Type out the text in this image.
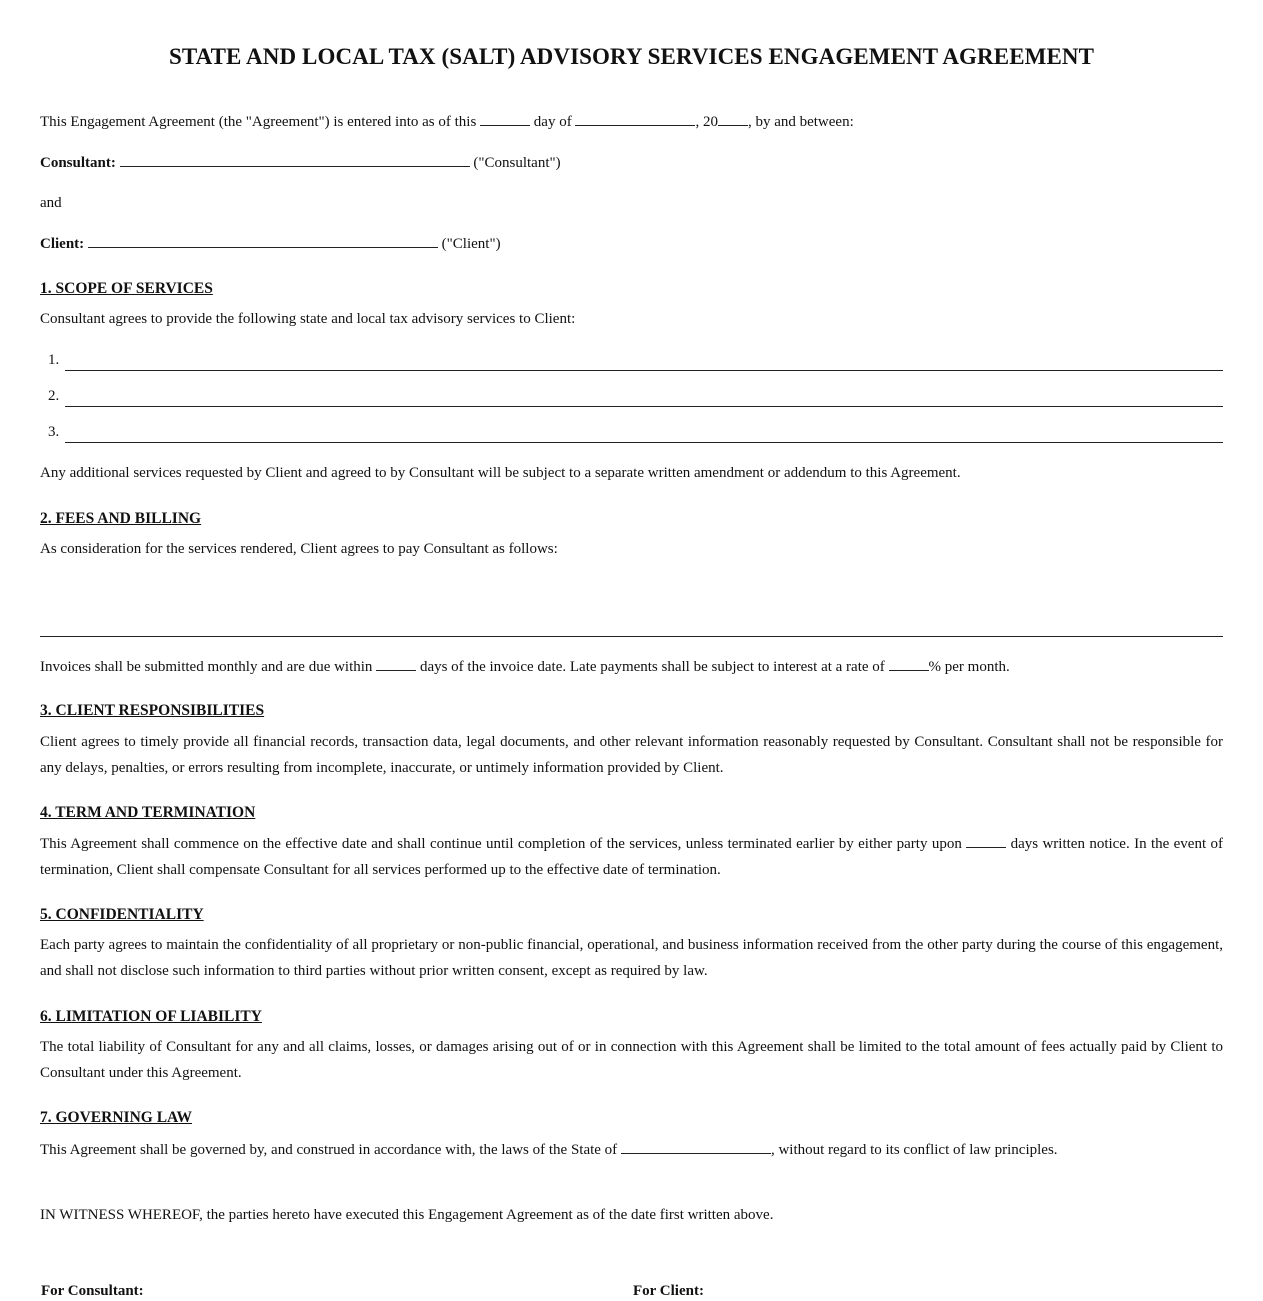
STATE AND LOCAL TAX (SALT) ADVISORY SERVICES ENGAGEMENT AGREEMENT
This Engagement Agreement (the "Agreement") is entered into as of this	day of	, 20 , by and between:
Consultant:	("Consultant")
and
Client:	("Client")
1. SCOPE OF SERVICES
Consultant agrees to provide the following state and local tax advisory services to Client:
1.
2.
3.
Any additional services requested by Client and agreed to by Consultant will be subject to a separate written amendment or addendum to this Agreement.
2. FEES AND BILLING
As consideration for the services rendered, Client agrees to pay Consultant as follows:
Invoices shall be submitted monthly and are due within	days of the invoice date. Late payments shall be subject to interest at a rate of	% per month.
3. CLIENT RESPONSIBILITIES
Client agrees to timely provide all financial records, transaction data, legal documents, and other relevant information reasonably requested by Consultant. Consultant shall not be responsible for any delays, penalties, or errors resulting from incomplete, inaccurate, or untimely information provided by Client.
4. TERM AND TERMINATION
This Agreement shall commence on the effective date and shall continue until completion of the services, unless terminated earlier by either party upon	days written notice. In the event of termination, Client shall compensate Consultant for all services performed up to the effective date of termination.
5. CONFIDENTIALITY
Each party agrees to maintain the confidentiality of all proprietary or non-public financial, operational, and business information received from the other party during the course of this engagement, and shall not disclose such information to third parties without prior written consent, except as required by law.
6. LIMITATION OF LIABILITY
The total liability of Consultant for any and all claims, losses, or damages arising out of or in connection with this Agreement shall be limited to the total amount of fees actually paid by Client to Consultant under this Agreement.
7. GOVERNING LAW
This Agreement shall be governed by, and construed in accordance with, the laws of the State of	, without regard to its conflict of law principles.
IN WITNESS WHEREOF, the parties hereto have executed this Engagement Agreement as of the date first written above.
For Consultant:	For Client:
